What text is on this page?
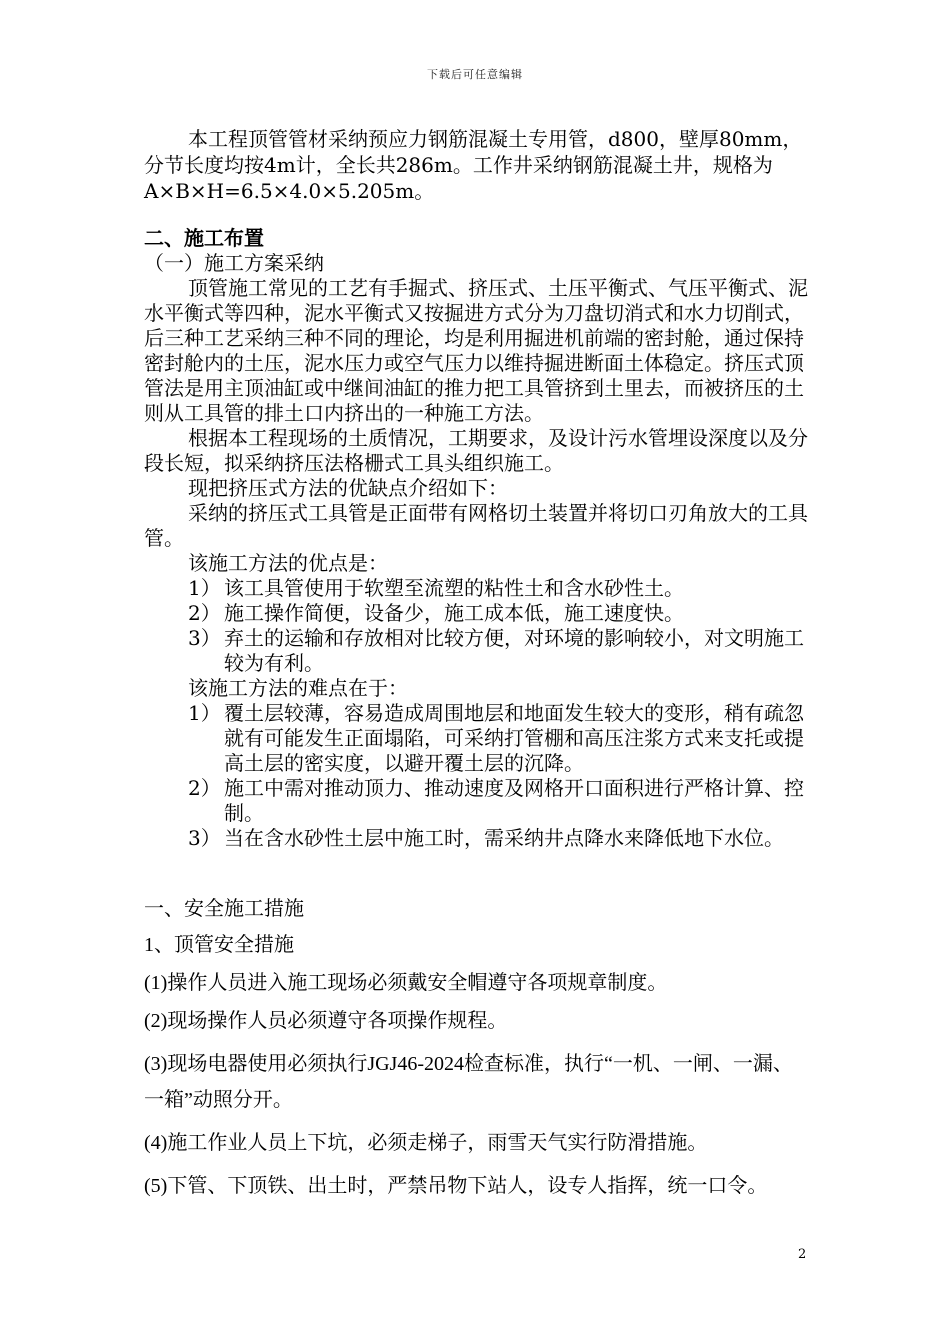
下载后可任意编辑

本工程顶管管材采纳预应力钢筋混凝土专用管，d800，壁厚80mm，分节长度均按4m计，全长共286m。工作井采纳钢筋混凝土井，规格为A×B×H=6.5×4.0×5.205m。

二、施工布置

（一）施工方案采纳

顶管施工常见的工艺有手掘式、挤压式、土压平衡式、气压平衡式、泥水平衡式等四种，泥水平衡式又按掘进方式分为刀盘切消式和水力切削式，后三种工艺采纳三种不同的理论，均是利用掘进机前端的密封舱，通过保持密封舱内的土压，泥水压力或空气压力以维持掘进断面土体稳定。挤压式顶管法是用主顶油缸或中继间油缸的推力把工具管挤到土里去，而被挤压的土则从工具管的排土口内挤出的一种施工方法。

根据本工程现场的土质情况，工期要求，及设计污水管埋设深度以及分段长短，拟采纳挤压法格栅式工具头组织施工。

现把挤压式方法的优缺点介绍如下：

采纳的挤压式工具管是正面带有网格切土装置并将切口刃角放大的工具管。

该施工方法的优点是：

1） 该工具管使用于软塑至流塑的粘性土和含水砂性土。

2） 施工操作简便，设备少，施工成本低，施工速度快。

3） 弃土的运输和存放相对比较方便，对环境的影响较小，对文明施工较为有利。

该施工方法的难点在于：

1） 覆土层较薄，容易造成周围地层和地面发生较大的变形，稍有疏忽就有可能发生正面塌陷，可采纳打管棚和高压注浆方式来支托或提高土层的密实度，以避开覆土层的沉降。

2） 施工中需对推动顶力、推动速度及网格开口面积进行严格计算、控制。

3） 当在含水砂性土层中施工时，需采纳井点降水来降低地下水位。

一、安全施工措施

1、顶管安全措施

(1)操作人员进入施工现场必须戴安全帽遵守各项规章制度。

(2)现场操作人员必须遵守各项操作规程。

(3)现场电器使用必须执行JGJ46-2024检查标准，执行“一机、一闸、一漏、一箱”动照分开。

(4)施工作业人员上下坑，必须走梯子，雨雪天气实行防滑措施。

(5)下管、下顶铁、出土时，严禁吊物下站人，设专人指挥，统一口令。

2
